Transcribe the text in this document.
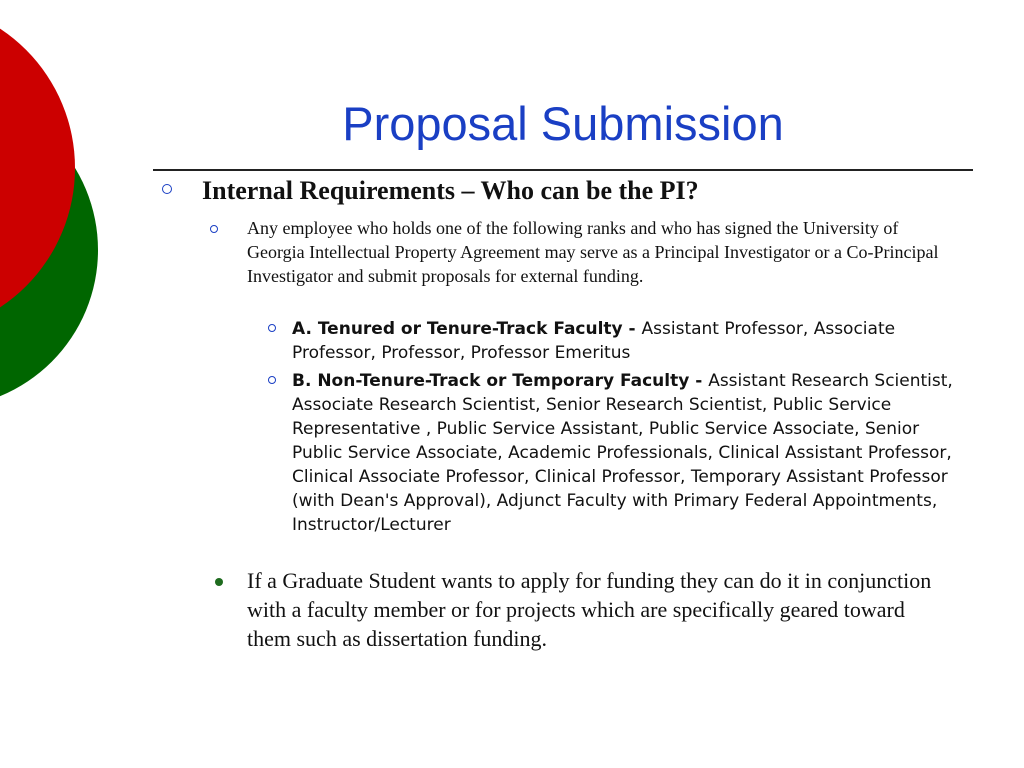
Proposal Submission
Internal Requirements – Who can be the PI?
Any employee who holds one of the following ranks and who has signed the University of Georgia Intellectual Property Agreement may serve as a Principal Investigator or a Co-Principal Investigator and submit proposals for external funding.
A. Tenured or Tenure-Track Faculty - Assistant Professor, Associate Professor, Professor, Professor Emeritus
B. Non-Tenure-Track or Temporary Faculty - Assistant Research Scientist, Associate Research Scientist, Senior Research Scientist, Public Service Representative , Public Service Assistant, Public Service Associate, Senior Public Service Associate, Academic Professionals, Clinical Assistant Professor, Clinical Associate Professor, Clinical Professor, Temporary Assistant Professor (with Dean's Approval), Adjunct Faculty with Primary Federal Appointments, Instructor/Lecturer
If a Graduate Student wants to apply for funding they can do it in conjunction with a faculty member or for projects which are specifically geared toward them such as dissertation funding.
